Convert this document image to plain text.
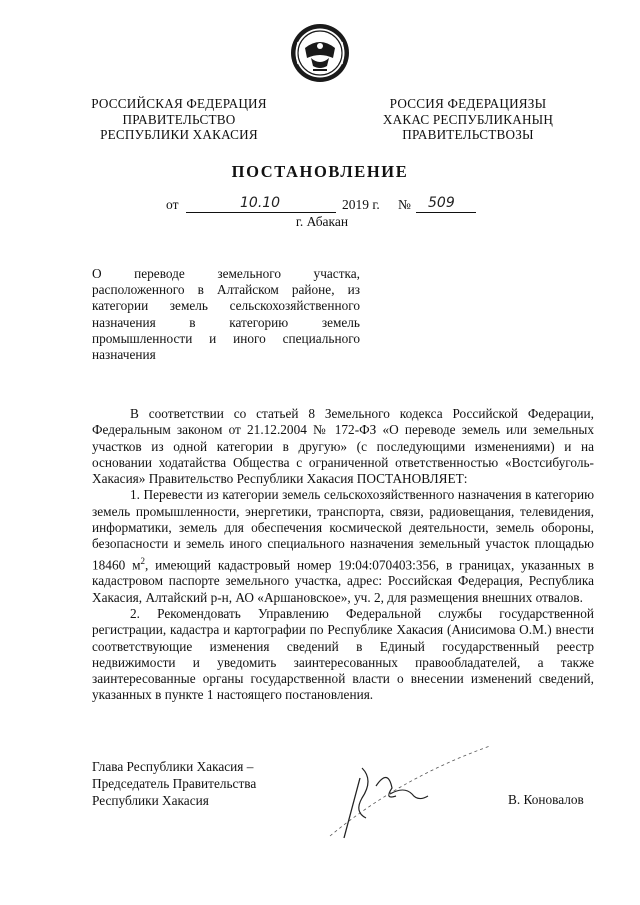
РОССИЙСКАЯ ФЕДЕРАЦИЯ
ПРАВИТЕЛЬСТВО
РЕСПУБЛИКИ ХАКАСИЯ
РОССИЯ ФЕДЕРАЦИЯЗЫ
ХАКАС РЕСПУБЛИКАНЫҢ
ПРАВИТЕЛЬСТВОЗЫ
ПОСТАНОВЛЕНИЕ
от	10.10	2019 г. № 509
г. Абакан
О переводе земельного участка,
расположенного в Алтайском районе, из
категории земель сельскохозяйственного
назначения в категорию земель
промышленности и иного специального
назначения

В соответствии со статьей 8 Земельного кодекса Российской Федерации, Федеральным законом от 21.12.2004 № 172-ФЗ «О переводе земель или земельных участков из одной категории в другую» (с последующими изменениями) и на основании ходатайства Общества с ограниченной ответственностью «Востсибуголь-Хакасия» Правительство Республики Хакасия ПОСТАНОВЛЯЕТ:

1. Перевести из категории земель сельскохозяйственного назначения в категорию земель промышленности, энергетики, транспорта, связи, радиовещания, телевидения, информатики, земель для обеспечения космической деятельности, земель обороны, безопасности и земель иного специального назначения земельный участок площадью 18460 $м^2$, имеющий кадастровый номер 19:04:070403:356, в границах, указанных в кадастровом паспорте земельного участка, адрес: Российская Федерация, Республика Хакасия, Алтайский р-н, АО «Аршановское», уч. 2, для размещения внешних отвалов.

2. Рекомендовать Управлению Федеральной службы государственной регистрации, кадастра и картографии по Республике Хакасия (Анисимова О.М.) внести соответствующие изменения сведений в Единый государственный реестр недвижимости и уведомить заинтересованных правообладателей, а также заинтересованные органы государственной власти о внесении изменений сведений, указанных в пункте 1 настоящего постановления.

Глава Республики Хакасия –
Председатель Правительства
Республики Хакасия	В. Коновалов
